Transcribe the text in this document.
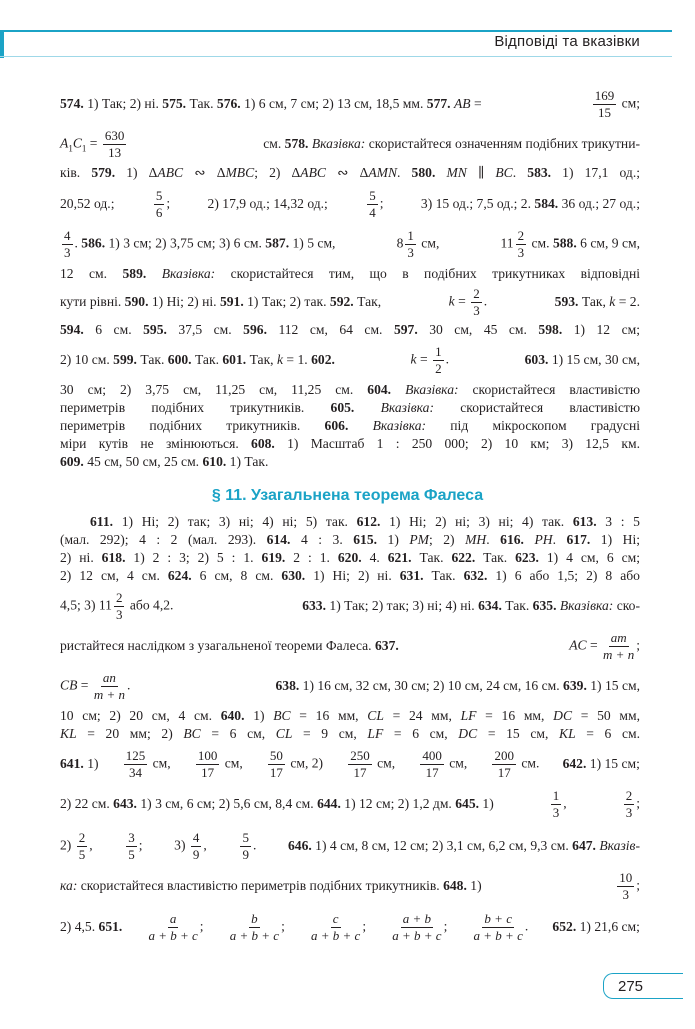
Відповіді та вказівки
574. 1) Так; 2) ні. 575. Так. 576. 1) 6 см, 7 см; 2) 13 см, 18,5 мм. 577. AB =	$\frac{169}{15}$ см;
$A_1C_1 = \frac{630}{13}$	см. 578. Вказівка: скористайтеся означенням подібних трикутни-
ків. 579. 1) ΔABC ∾ ΔMBC; 2) ΔABC ∾ ΔAMN. 580. MN ∥ BC. 583. 1) 17,1 од.;
20,52 од.;	$\frac{5}{6}$ ;	2) 17,9 од.; 14,32 од.;	$\frac{5}{4}$ ;	3) 15 од.; 7,5 од.; 2. 584. 36 од.; 27 од.;
$\frac{4}{3}$ . 586. 1) 3 см; 2) 3,75 см; 3) 6 см. 587. 1) 5 см,	$8 \frac{1}{3}$ см,	$11 \frac{2}{3}$ см. 588. 6 см, 9 см,
12 см. 589. Вказівка: скористайтеся тим, що в подібних трикутниках відповідні
кути рівні. 590. 1) Ні; 2) ні. 591. 1) Так; 2) так. 592. Так,	$k = \frac{2}{3}$ .	593. Так, k = 2.
594. 6 см. 595. 37,5 см. 596. 112 см, 64 см. 597. 30 см, 45 см. 598. 1) 12 см;
2) 10 см. 599. Так. 600. Так. 601. Так, k = 1. 602.	$k = \frac{1}{2}$ .	603. 1) 15 см, 30 см,
30 см; 2) 3,75 см, 11,25 см, 11,25 см. 604. Вказівка: скористайтеся властивістю
периметрів подібних трикутників. 605. Вказівка: скористайтеся властивістю
периметрів подібних трикутників. 606. Вказівка: під мікроскопом градусні
міри кутів не змінюються. 608. 1) Масштаб 1 : 250 000; 2) 10 км; 3) 12,5 км.
609. 45 см, 50 см, 25 см. 610. 1) Так.
§ 11. Узагальнена теорема Фалеса
611. 1) Ні; 2) так; 3) ні; 4) ні; 5) так. 612. 1) Ні; 2) ні; 3) ні; 4) так. 613. 3 : 5
(мал. 292); 4 : 2 (мал. 293). 614. 4 : 3. 615. 1) PM; 2) MH. 616. PH. 617. 1) Ні;
2) ні. 618. 1) 2 : 3; 2) 5 : 1. 619. 2 : 1. 620. 4. 621. Так. 622. Так. 623. 1) 4 см, 6 см;
2) 12 см, 4 см. 624. 6 см, 8 см. 630. 1) Ні; 2) ні. 631. Так. 632. 1) 6 або 1,5; 2) 8 або
4,5; 3) $11 \frac{2}{3}$ або 4,2.	633. 1) Так; 2) так; 3) ні; 4) ні. 634. Так. 635. Вказівка: ско-
ристайтеся наслідком з узагальненої теореми Фалеса. 637.	AC = $\frac{am}{m + n}$ ;
CB = $\frac{an}{m + n}$ .	638. 1) 16 см, 32 см, 30 см; 2) 10 см, 24 см, 16 см. 639. 1) 15 см,
10 см; 2) 20 см, 4 см. 640. 1) BC = 16 мм, CL = 24 мм, LF = 16 мм, DC = 50 мм,
KL = 20 мм; 2) BC = 6 см, CL = 9 см, LF = 6 см, DC = 15 см, KL = 6 см.
641. $1) \frac{125}{34}$ см, $\frac{100}{17}$ см, $\frac{50}{17}$ см, $2) \frac{250}{17}$ см, $\frac{400}{17}$ см, $\frac{200}{17}$ см. 642. 1) 15 см;
2) 22 см. 643. 1) 3 см, 6 см; 2) 5,6 см, 8,4 см. 644. 1) 12 см; 2) 1,2 дм. 645. 1)	$\frac{1}{3}$ ,	$\frac{2}{3}$ ;
$2) \frac{2}{5}$ ,	$\frac{3}{5}$ ; $3) \frac{4}{9}$ ,	$\frac{5}{9}$ . 646. 1) 4 см, 8 см, 12 см; 2) 3,1 см, 6,2 см, 9,3 см. 647. Вказів-
ка: скористайтеся властивістю периметрів подібних трикутників. 648. 1)	$\frac{10}{3}$ ;
2) 4,5. 651. $\frac{a}{a + b + c}$ ; $\frac{b}{a + b + c}$ ; $\frac{c}{a + b + c}$ ; $\frac{a + b}{a + b + c}$ ; $\frac{b + c}{a + b + c}$ . 652. 1) 21,6 см;
275
